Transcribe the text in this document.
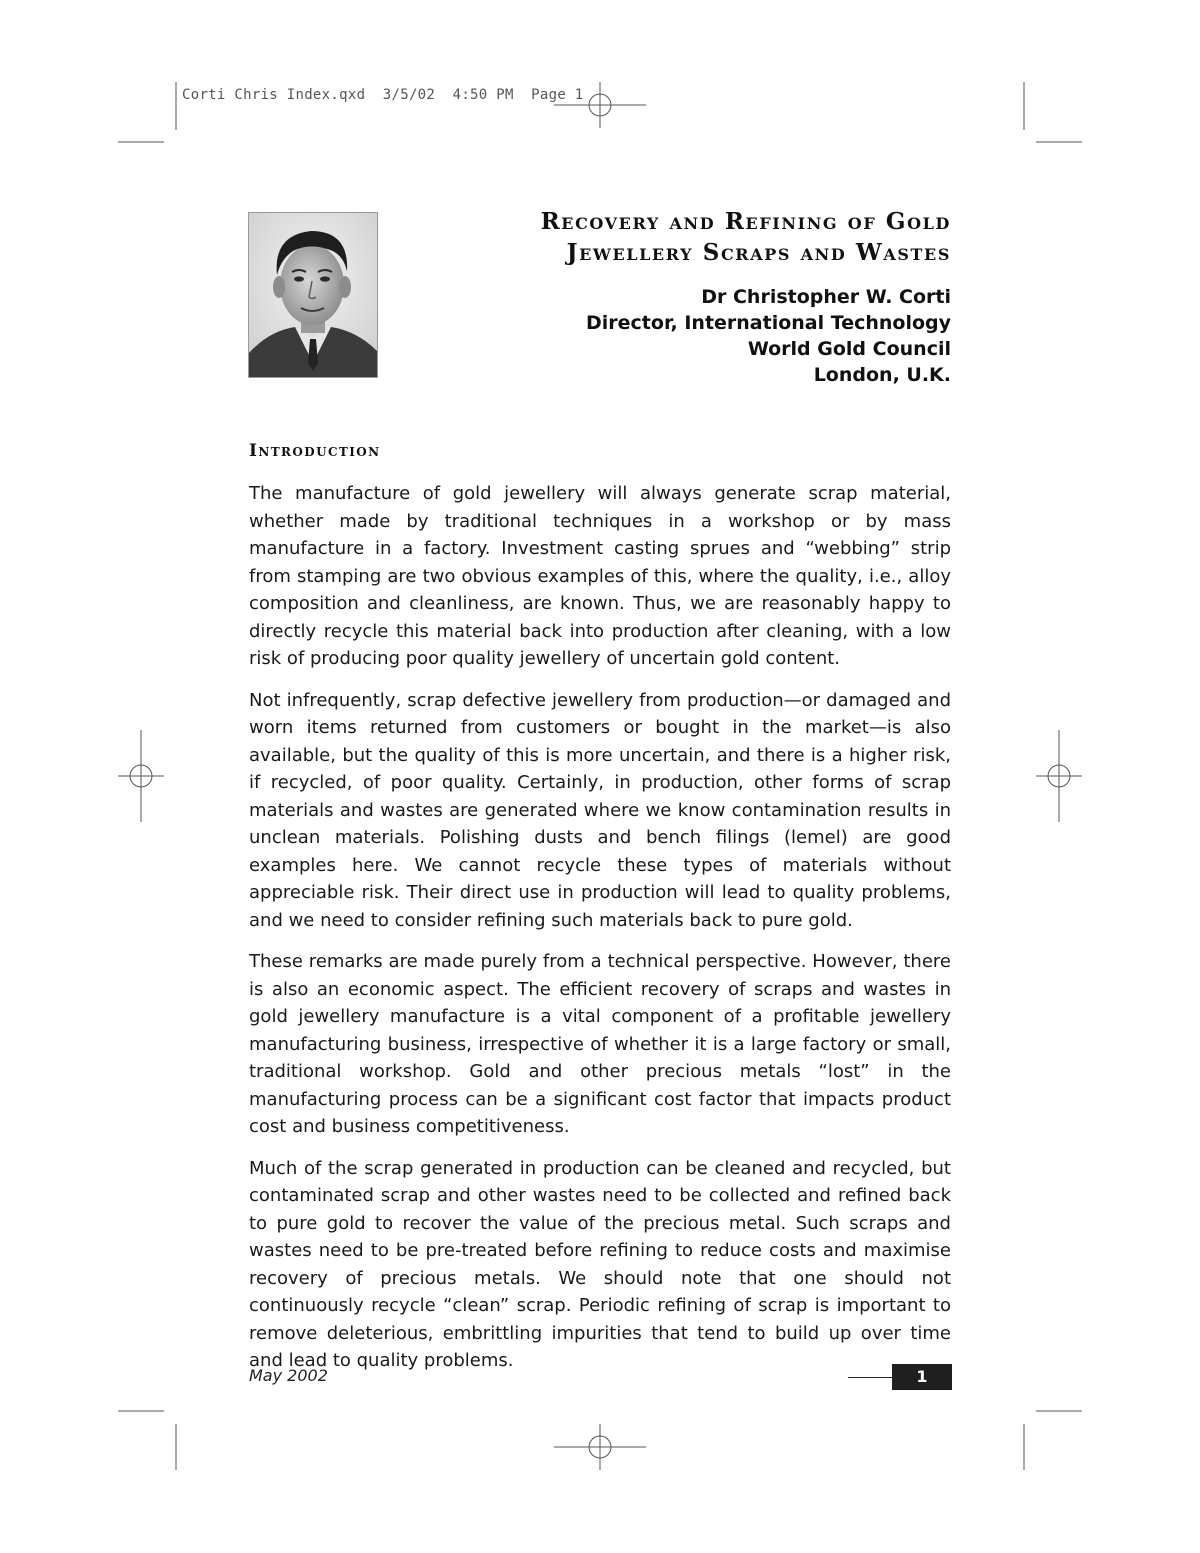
Corti Chris Index.qxd  3/5/02  4:50 PM  Page 1
Recovery and Refining of Gold
Jewellery Scraps and Wastes
Dr Christopher W. Corti
Director, International Technology
World Gold Council
London, U.K.
Introduction

The manufacture of gold jewellery will always generate scrap material, whether made by traditional techniques in a workshop or by mass manufacture in a factory. Investment casting sprues and “webbing” strip from stamping are two obvious examples of this, where the quality, i.e., alloy composition and cleanliness, are known. Thus, we are reasonably happy to directly recycle this material back into production after cleaning, with a low risk of producing poor quality jewellery of uncertain gold content.

Not infrequently, scrap defective jewellery from production—or damaged and worn items returned from customers or bought in the market—is also available, but the quality of this is more uncertain, and there is a higher risk, if recycled, of poor quality. Certainly, in production, other forms of scrap materials and wastes are generated where we know contamination results in unclean materials. Polishing dusts and bench filings (lemel) are good examples here. We cannot recycle these types of materials without appreciable risk. Their direct use in production will lead to quality problems, and we need to consider refining such materials back to pure gold.

These remarks are made purely from a technical perspective. However, there is also an economic aspect. The efficient recovery of scraps and wastes in gold jewellery manufacture is a vital component of a profitable jewellery manufacturing business, irrespective of whether it is a large factory or small, traditional workshop. Gold and other precious metals “lost” in the manufacturing process can be a significant cost factor that impacts product cost and business competitiveness.

Much of the scrap generated in production can be cleaned and recycled, but contaminated scrap and other wastes need to be collected and refined back to pure gold to recover the value of the precious metal. Such scraps and wastes need to be pre-treated before refining to reduce costs and maximise recovery of precious metals. We should note that one should not continuously recycle “clean” scrap. Periodic refining of scrap is important to remove deleterious, embrittling impurities that tend to build up over time and lead to quality problems.

May 2002	1
